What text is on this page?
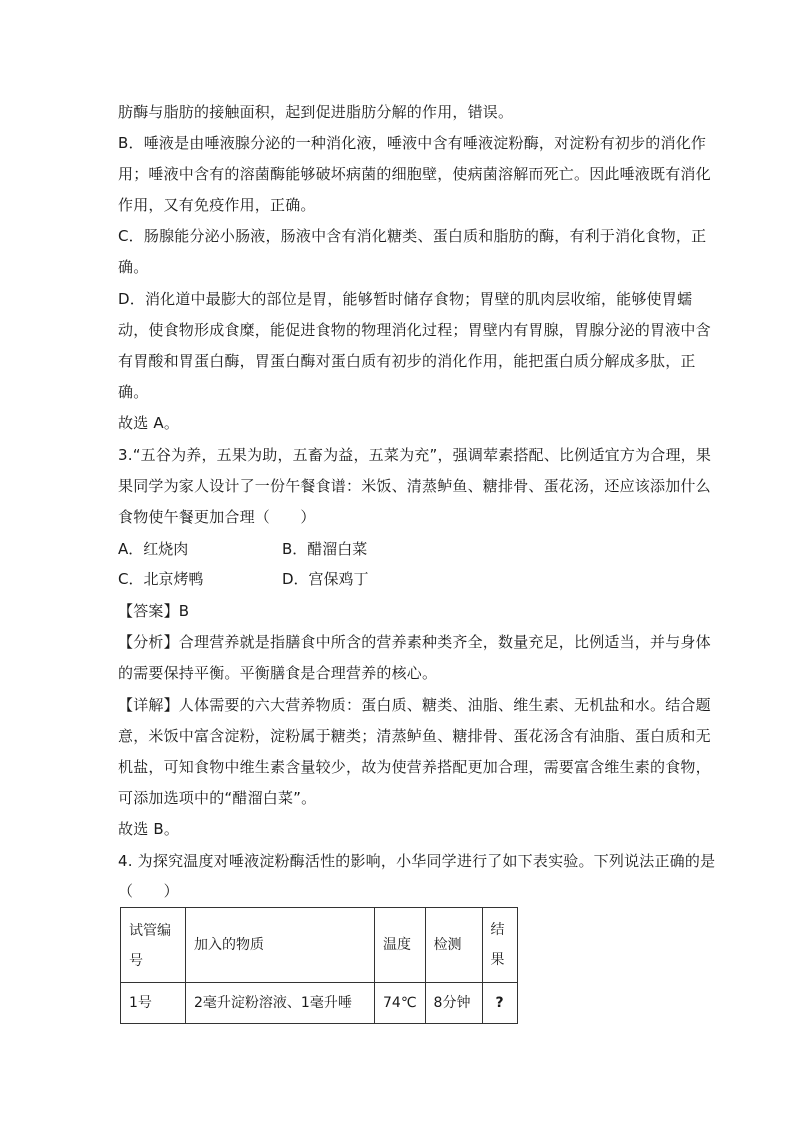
肪酶与脂肪的接触面积，起到促进脂肪分解的作用，错误。
B．唾液是由唾液腺分泌的一种消化液，唾液中含有唾液淀粉酶，对淀粉有初步的消化作
用；唾液中含有的溶菌酶能够破坏病菌的细胞壁，使病菌溶解而死亡。因此唾液既有消化
作用，又有免疫作用，正确。
C．肠腺能分泌小肠液，肠液中含有消化糖类、蛋白质和脂肪的酶，有利于消化食物，正
确。
D．消化道中最膨大的部位是胃，能够暂时储存食物；胃壁的肌肉层收缩，能够使胃蠕
动，使食物形成食糜，能促进食物的物理消化过程；胃壁内有胃腺，胃腺分泌的胃液中含
有胃酸和胃蛋白酶，胃蛋白酶对蛋白质有初步的消化作用，能把蛋白质分解成多肽，正
确。
故选 A。
3.“五谷为养，五果为助，五畜为益，五菜为充”，强调荤素搭配、比例适宜方为合理，果
果同学为家人设计了一份午餐食谱：米饭、清蒸鲈鱼、糖排骨、蛋花汤，还应该添加什么
食物使午餐更加合理（　　）
A．红烧肉	B．醋溜白菜
C．北京烤鸭	D．宫保鸡丁
【答案】B
【分析】合理营养就是指膳食中所含的营养素种类齐全，数量充足，比例适当，并与身体
的需要保持平衡。平衡膳食是合理营养的核心。
【详解】人体需要的六大营养物质：蛋白质、糖类、油脂、维生素、无机盐和水。结合题
意，米饭中富含淀粉，淀粉属于糖类；清蒸鲈鱼、糖排骨、蛋花汤含有油脂、蛋白质和无
机盐，可知食物中维生素含量较少，故为使营养搭配更加合理，需要富含维生素的食物，
可添加选项中的“醋溜白菜”。
故选 B。
4. 为探究温度对唾液淀粉酶活性的影响，小华同学进行了如下表实验。下列说法正确的是
（　　）
试管编号	加入的物质	温度	检测	结果
1号	2毫升淀粉溶液、1毫升唾	74℃	8分钟	?
